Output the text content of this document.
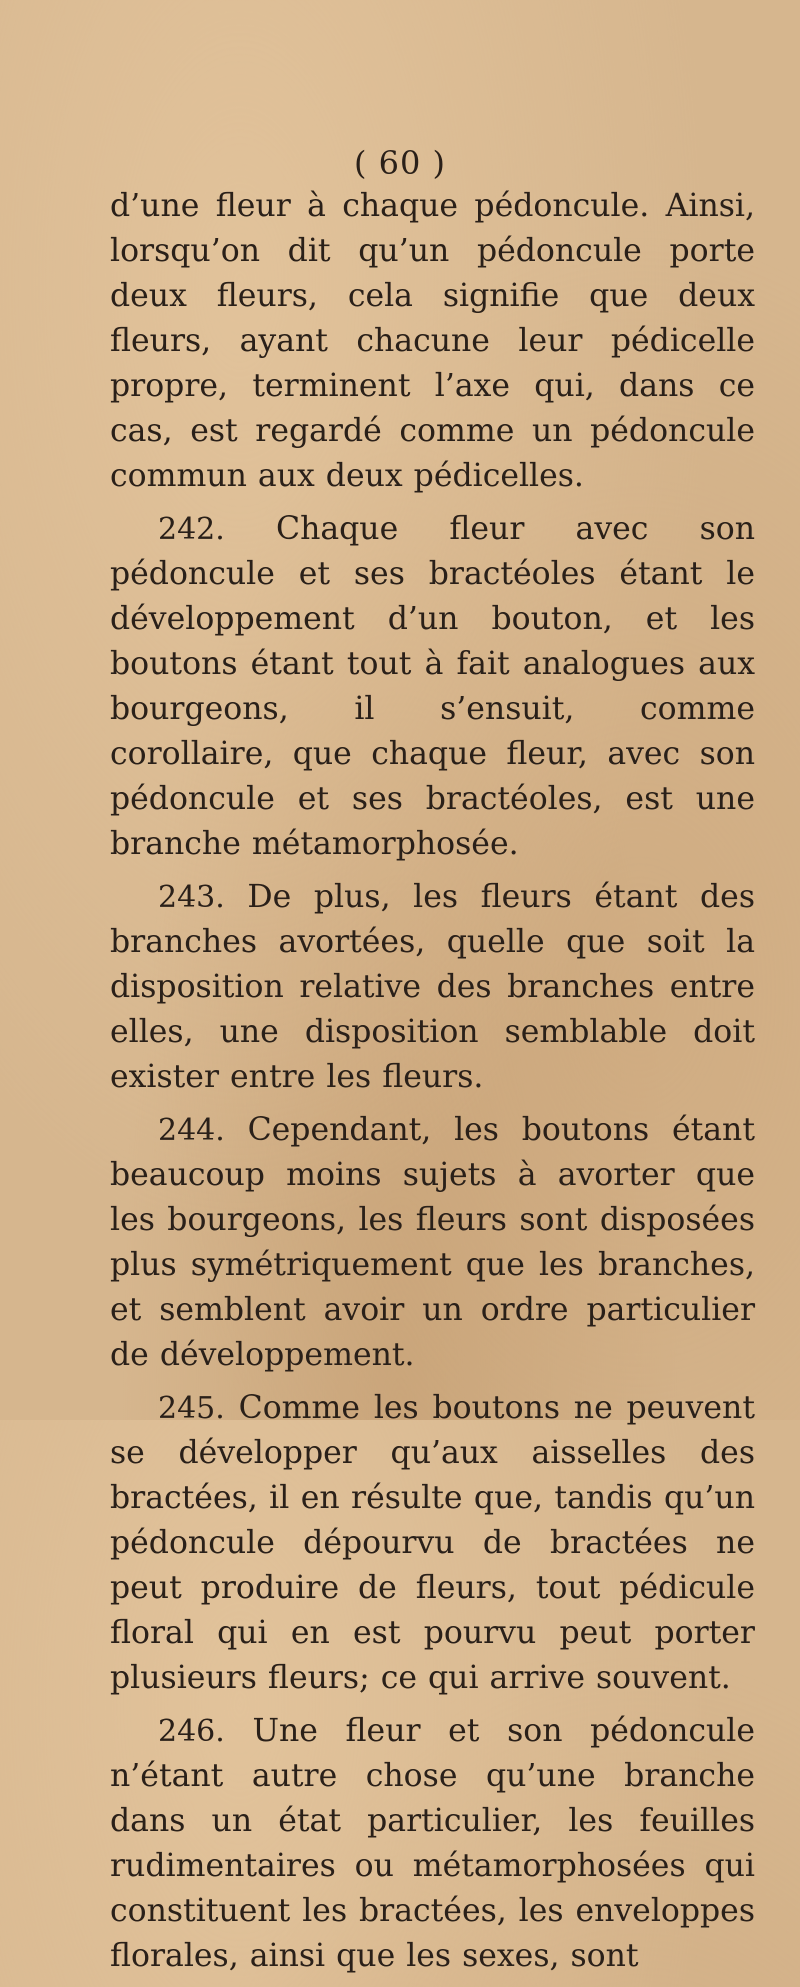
( 60 )

d’une fleur à chaque pédoncule. Ainsi, lorsqu’on dit qu’un pédoncule porte deux fleurs, cela signifie que deux fleurs, ayant chacune leur pédicelle propre, terminent l’axe qui, dans ce cas, est regardé comme un pédoncule commun aux deux pédicelles.

242. Chaque fleur avec son pédoncule et ses bractéoles étant le développement d’un bouton, et les boutons étant tout à fait analogues aux bourgeons, il s’ensuit, comme corollaire, que chaque fleur, avec son pédoncule et ses bractéoles, est une branche métamorphosée.

243. De plus, les fleurs étant des branches avortées, quelle que soit la disposition relative des branches entre elles, une disposition semblable doit exister entre les fleurs.

244. Cependant, les boutons étant beaucoup moins sujets à avorter que les bourgeons, les fleurs sont disposées plus symétriquement que les branches, et semblent avoir un ordre particulier de développement.

245. Comme les boutons ne peuvent se développer qu’aux aisselles des bractées, il en résulte que, tandis qu’un pédoncule dépourvu de bractées ne peut produire de fleurs, tout pédicule floral qui en est pourvu peut porter plusieurs fleurs; ce qui arrive souvent.

246. Une fleur et son pédoncule n’étant autre chose qu’une branche dans un état particulier, les feuilles rudimentaires ou métamorphosées qui constituent les bractées, les enveloppes florales, ainsi que les sexes, sont
